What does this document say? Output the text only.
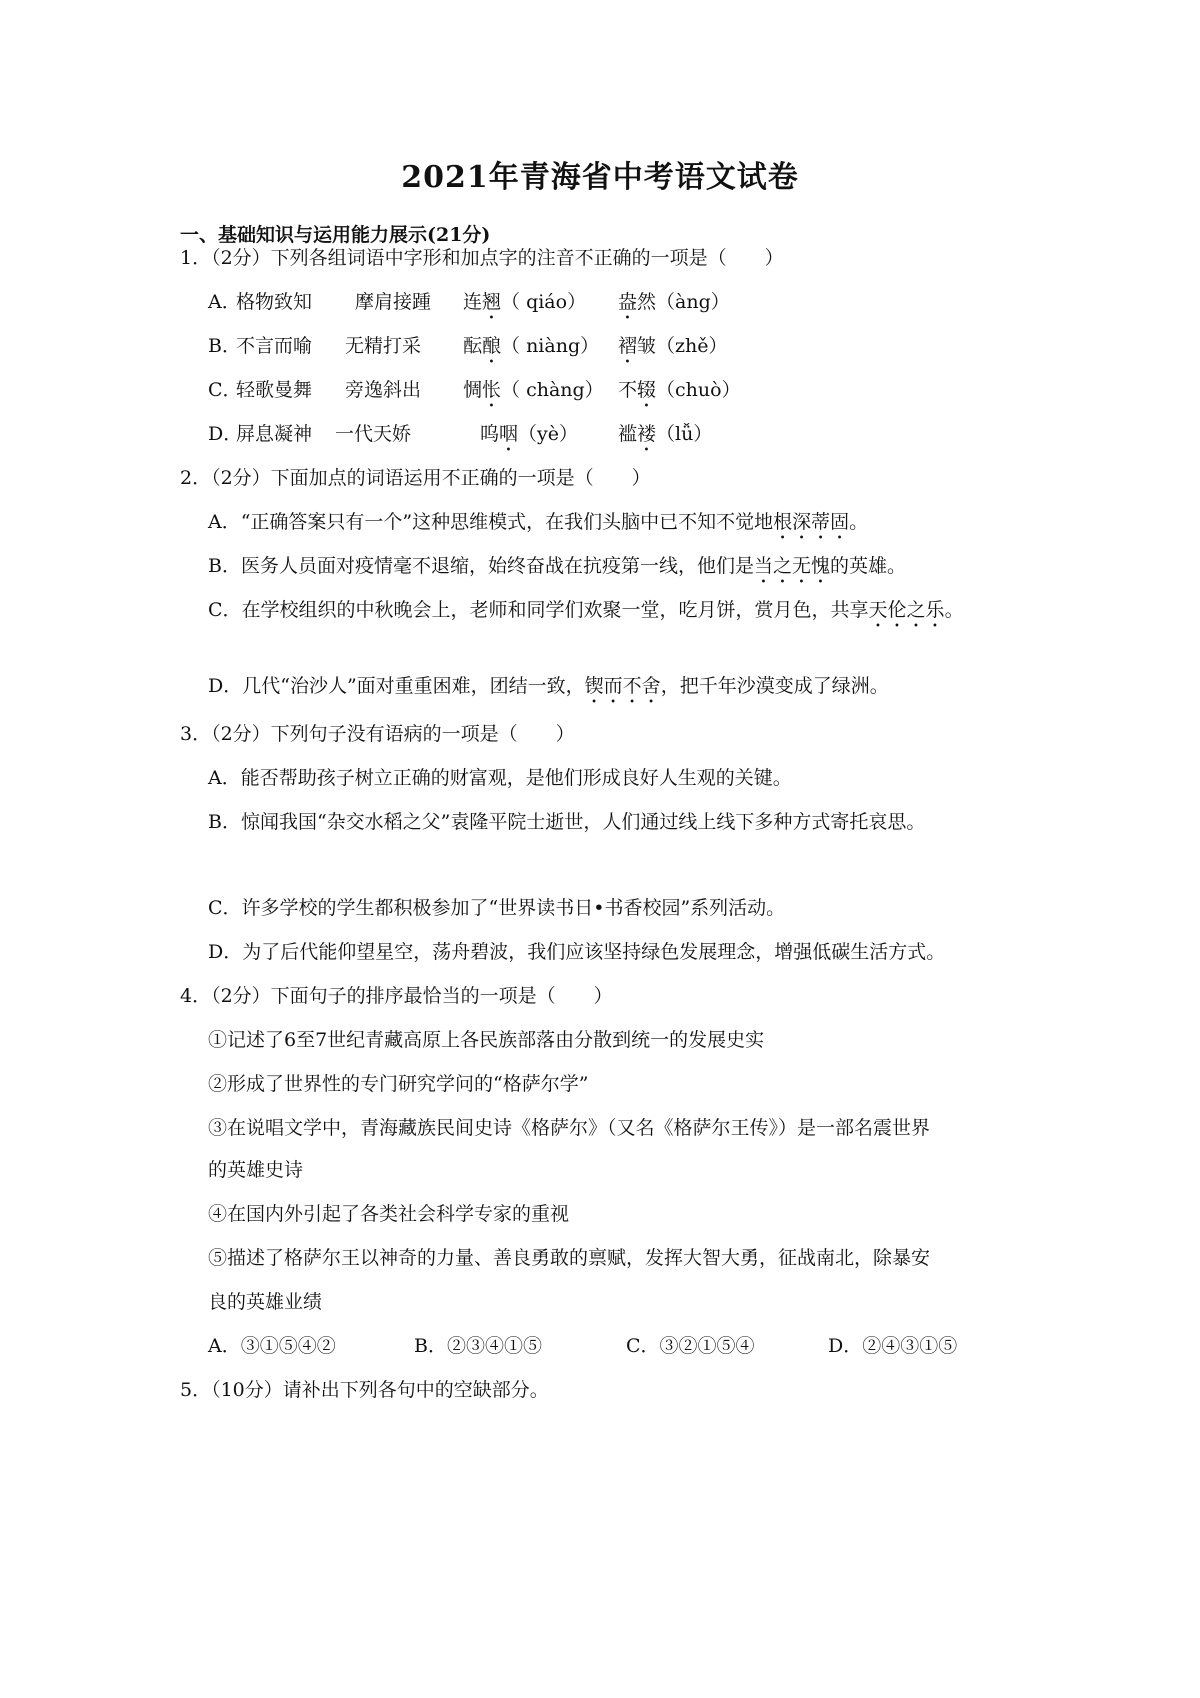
2021年青海省中考语文试卷
一、基础知识与运用能力展示(21分)
1．（2分）下列各组词语中字形和加点字的注音不正确的一项是（　　）
A．
格物致知 摩肩接踵 连翘（ qiáo） 盎然（àng）
B．
不言而喻 无精打采 酝酿（ niàng） 褶皱（zhě）
C．
轻歌曼舞 旁逸斜出 惆怅（ chàng） 不辍（chuò）
D．
屏息凝神 一代天娇	呜咽（yè） 褴褛（lǚ）
2．（2分）下面加点的词语运用不正确的一项是（　　）
A．“正确答案只有一个”这种思维模式，在我们头脑中已不知不觉地根深蒂固。
B．医务人员面对疫情毫不退缩，始终奋战在抗疫第一线，他们是当之无愧的英雄。
C．在学校组织的中秋晚会上，老师和同学们欢聚一堂，吃月饼，赏月色，共享天伦之乐。
D．几代“治沙人”面对重重困难，团结一致，锲而不舍，把千年沙漠变成了绿洲。
3．（2分）下列句子没有语病的一项是（　　）
A．能否帮助孩子树立正确的财富观，是他们形成良好人生观的关键。
B．惊闻我国“杂交水稻之父”袁隆平院士逝世，人们通过线上线下多种方式寄托哀思。
C．许多学校的学生都积极参加了“世界读书日•书香校园”系列活动。
D．为了后代能仰望星空，荡舟碧波，我们应该坚持绿色发展理念，增强低碳生活方式。
4．（2分）下面句子的排序最恰当的一项是（　　）
①记述了6至7世纪青藏高原上各民族部落由分散到统一的发展史实
②形成了世界性的专门研究学问的“格萨尔学”
③在说唱文学中，青海藏族民间史诗《格萨尔》（又名《格萨尔王传》）是一部名震世界
的英雄史诗
④在国内外引起了各类社会科学专家的重视
⑤描述了格萨尔王以神奇的力量、善良勇敢的禀赋，发挥大智大勇，征战南北，除暴安
良的英雄业绩
A．③①⑤④②	B．②③④①⑤	C．③②①⑤④	D．②④③①⑤
5．（10分）请补出下列各句中的空缺部分。
